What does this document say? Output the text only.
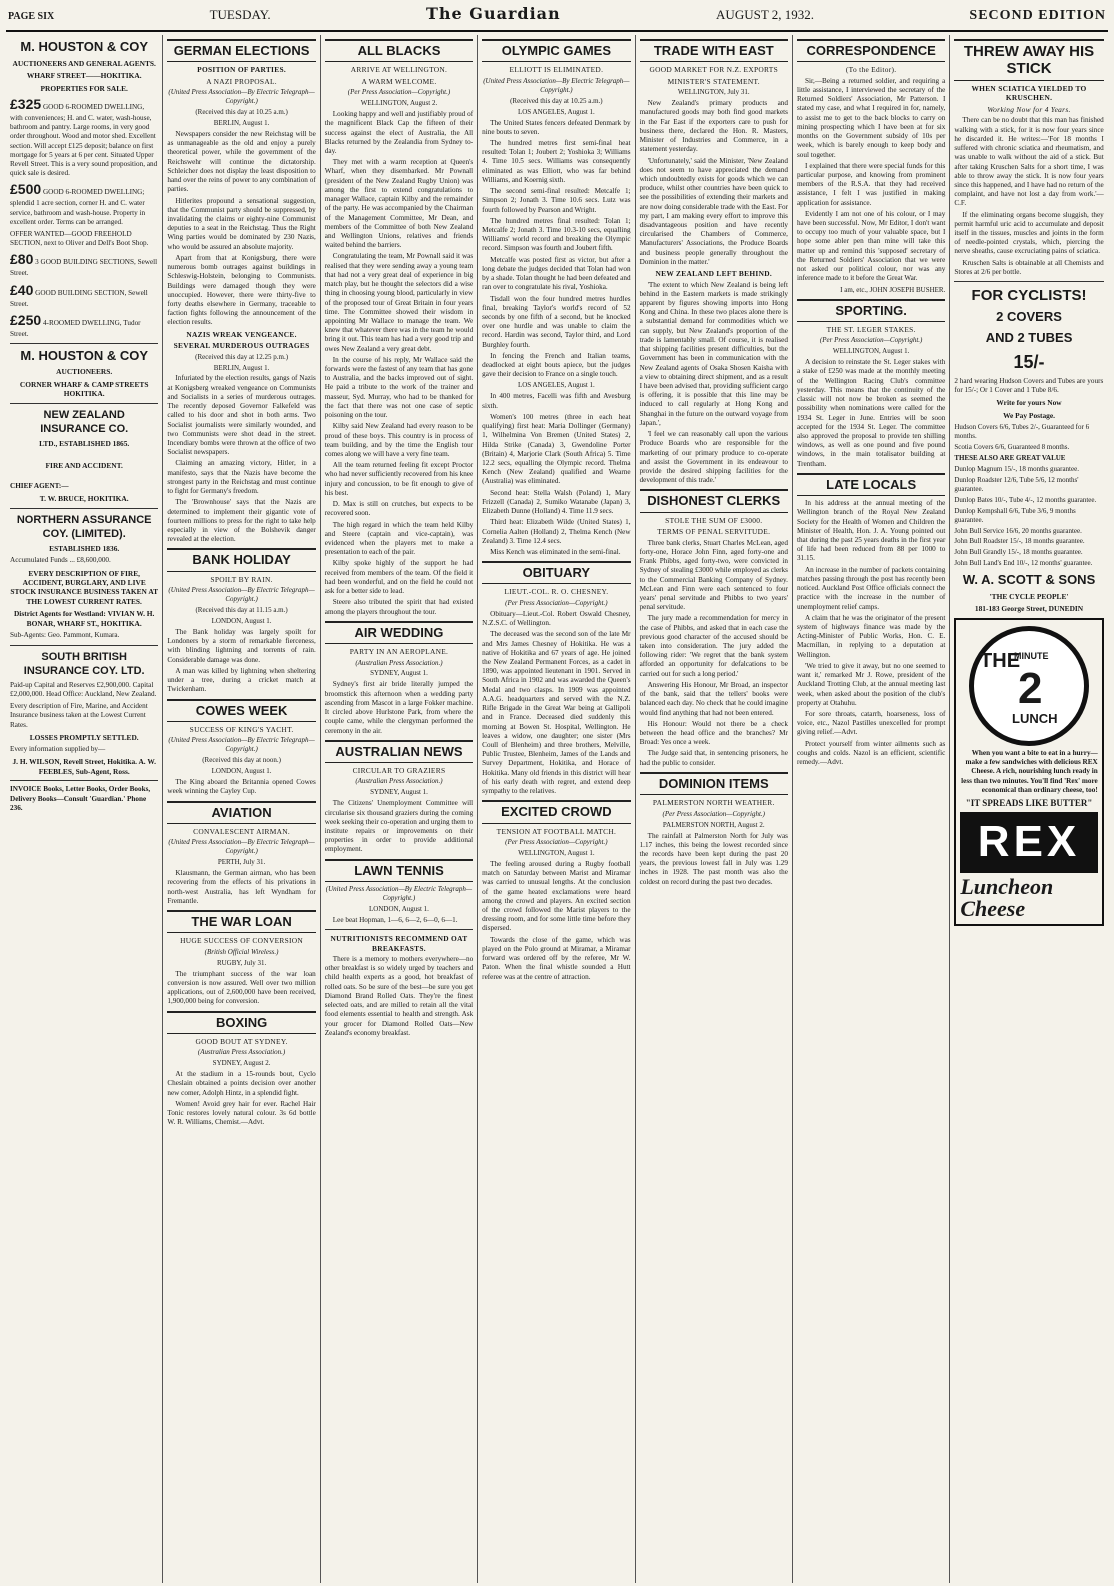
PAGE SIX	TUESDAY.	The Guardian	AUGUST 2, 1932.	SECOND EDITION
M. HOUSTON & COY
AUCTIONEERS AND GENERAL AGENTS.
WHARF STREET——HOKITIKA.
PROPERTIES FOR SALE.
£325 GOOD 6-ROOMED DWELLING, with conveniences; H. and C. water, wash-house, bathroom and pantry. Large rooms, in very good order throughout. Wood and motor shed. Excellent section. Will accept £125 deposit; balance on first mortgage for 5 years at 6 per cent. Situated Upper Revell Street. This is a very sound proposition, and quick sale is desired.
£500 GOOD 6-ROOMED DWELLING; splendid 1 acre section, corner H. and C. water service, bathroom and wash-house. Property in excellent order. Terms can be arranged.
OFFER WANTED—GOOD FREEHOLD SECTION, next to Oliver and Dell's Boot Shop.
£80 3 GOOD BUILDING SECTIONS, Sewell Street.
£40 GOOD BUILDING SECTION, Sewell Street.
£250 4-ROOMED DWELLING, Tudor Street.
M. HOUSTON & COY
AUCTIONEERS.
CORNER WHARF & CAMP STREETS HOKITIKA.
NEW ZEALAND INSURANCE CO.
LTD., ESTABLISHED 1865.
FIRE AND ACCIDENT.
CHIEF AGENT:—
T. W. BRUCE, HOKITIKA.
NORTHERN ASSURANCE COY. (LIMITED).
ESTABLISHED 1836.
Accumulated Funds ... £8,600,000.
EVERY DESCRIPTION OF FIRE, ACCIDENT, BURGLARY, AND LIVE STOCK INSURANCE BUSINESS TAKEN AT THE LOWEST CURRENT RATES.
District Agents for Westland: VIVIAN W. H. BONAR, WHARF ST., HOKITIKA.
Sub-Agents: Geo. Pammont, Kumara.
SOUTH BRITISH INSURANCE COY. LTD.
Paid-up Capital and Reserves £2,900,000. Capital £2,000,000. Head Office: Auckland, New Zealand.
Every description of Fire, Marine, and Accident Insurance business taken at the Lowest Current Rates.
LOSSES PROMPTLY SETTLED.
Every information supplied by—
J. H. WILSON, Revell Street, Hokitika. A. W. FEEBLES, Sub-Agent, Ross.
INVOICE Books, Letter Books, Order Books, Delivery Books—Consult 'Guardian.' Phone 236.
GERMAN ELECTIONS
POSITION OF PARTIES.
A NAZI PROPOSAL.
(United Press Association—By Electric Telegraph—Copyright.)
(Received this day at 10.25 a.m.)
BERLIN, August 1.

Newspapers consider the new Reichstag will be as unmanageable as the old and enjoy a purely theoretical power, while the government of the Reichswehr will continue the dictatorship. Schleicher does not display the least disposition to hand over the reins of power to any combination of parties.

Hitlerites propound a sensational suggestion, that the Communist party should be suppressed, by invalidating the claims or eighty-nine Communist deputies to a seat in the Reichstag. Thus the Right Wing parties would be dominated by 230 Nazis, who would be assured an absolute majority.

Apart from that at Konigsburg, there were numerous bomb outrages against buildings in Schleswig-Holstein, belonging to Communists. Buildings were damaged though they were unoccupied. However, there were thirty-five to forty deaths elsewhere in Germany, traceable to faction fights following the announcement of the election results.

NAZIS WREAK VENGEANCE.
SEVERAL MURDEROUS OUTRAGES
(Received this day at 12.25 p.m.)
BERLIN, August 1.

Infuriated by the election results, gangs of Nazis at Konigsberg wreaked vengeance on Communists and Socialists in a series of murderous outrages. The recently deposed Governor Falkefeld was called to his door and shot in both arms. Two Socialist journalists were similarly wounded, and two Communists were shot dead in the street. Incendiary bombs were thrown at the office of two Socialist newspapers.

Claiming an amazing victory, Hitler, in a manifesto, says that the Nazis have become the strongest party in the Reichstag and must continue to fight for Germany's freedom.

The 'Brownhouse' says that the Nazis are determined to implement their gigantic vote of fourteen millions to press for the right to take help especially in view of the Bolshevik danger revealed at the election.

BANK HOLIDAY
SPOILT BY RAIN.
(United Press Association—By Electric Telegraph—Copyright.)
(Received this day at 11.15 a.m.)
LONDON, August 1.

The Bank holiday was largely spoilt for Londoners by a storm of remarkable fierceness, with blinding lightning and torrents of rain. Considerable damage was done.

A man was killed by lightning when sheltering under a tree, during a cricket match at Twickenham.

COWES WEEK
SUCCESS OF KING'S YACHT.
(United Press Association—By Electric Telegraph—Copyright.)
(Received this day at noon.)
LONDON, August 1.

The King aboard the Britannia opened Cowes week winning the Cayley Cup.

AVIATION
CONVALESCENT AIRMAN.
(United Press Association—By Electric Telegraph—Copyright.)
PERTH, July 31.

Klausmann, the German airman, who has been recovering from the effects of his privations in north-west Australia, has left Wyndham for Fremantle.

THE WAR LOAN
HUGE SUCCESS OF CONVERSION
(British Official Wireless.)
RUGBY, July 31.

The triumphant success of the war loan conversion is now assured. Well over two million applications, out of 2,600,000 have been received, 1,900,000 being for conversion.

BOXING
GOOD BOUT AT SYDNEY.
(Australian Press Association.)
SYDNEY, August 2.

At the stadium in a 15-rounds bout, Cyclo Cheslain obtained a points decision over another new comer, Adolph Hintz, in a splendid fight.

Women! Avoid grey hair for ever. Rachel Hair Tonic restores lovely natural colour. 3s 6d bottle W. R. Williams, Chemist.—Advt.

ALL BLACKS
ARRIVE AT WELLINGTON.
A WARM WELCOME.
(Per Press Association—Copyright.)
WELLINGTON, August 2.

Looking happy and well and justifiably proud of the magnificent Black Cap the fifteen of their success against the elect of Australia, the All Blacks returned by the Zealandia from Sydney to-day.

They met with a warm reception at Queen's Wharf, when they disembarked. Mr Pownall (president of the New Zealand Rugby Union) was among the first to extend congratulations to manager Wallace, captain Kilby and the remainder of the party. He was accompanied by the Chairman of the Management Committee, Mr Dean, and members of the Committee of both New Zealand and Wellington Unions, relatives and friends waited behind the barriers.

Congratulating the team, Mr Pownall said it was realised that they were sending away a young team that had not a very great deal of experience in big match play, but he thought the selectors did a wise thing in choosing young blood, particularly in view of the proposed tour of Great Britain in four years time. The Committee showed their wisdom in appointing Mr Wallace to manage the team. We knew that whatever there was in the team he would bring it out. This team has had a very good trip and owes New Zealand a very great debt.

In the course of his reply, Mr Wallace said the forwards were the fastest of any team that has gone to Australia, and the backs improved out of sight. He paid a tribute to the work of the trainer and masseur, Syd. Murray, who had to be thanked for the fact that there was not one case of septic poisoning on the tour.

Kilby said New Zealand had every reason to be proud of these boys. This country is in process of team building, and by the time the English tour comes along we will have a very fine team.

All the team returned feeling fit except Proctor who had never sufficiently recovered from his knee injury and concussion, to be fit enough to give of his best.

D. Max is still on crutches, but expects to be recovered soon.

The high regard in which the team held Kilby and Steere (captain and vice-captain), was evidenced when the players met to make a presentation to each of the pair.

Kilby spoke highly of the support he had received from members of the team. Of the field it had been wonderful, and on the field he could not ask for a better side to lead.

Steere also tributed the spirit that had existed among the players throughout the tour.

AIR WEDDING
PARTY IN AN AEROPLANE.
(Australian Press Association.)
SYDNEY, August 1.

Sydney's first air bride literally jumped the broomstick this afternoon when a wedding party ascending from Mascot in a large Fokker machine. It circled above Hurlstone Park, from where the couple came, while the clergyman performed the ceremony in the air.

AUSTRALIAN NEWS
CIRCULAR TO GRAZIERS
(Australian Press Association.)
SYDNEY, August 1.

The Citizens' Unemployment Committee will circularise six thousand graziers during the coming week seeking their co-operation and urging them to institute repairs or improvements on their properties in order to provide additional employment.

LAWN TENNIS
(United Press Association—By Electric Telegraph—Copyright.)
LONDON, August 1.

Lee beat Hopman, 1—6, 6—2, 6—0, 6—1.

NUTRITIONISTS RECOMMEND OAT BREAKFASTS.

There is a memory to mothers everywhere—no other breakfast is so widely urged by teachers and child health experts as a good, hot breakfast of rolled oats. So be sure of the best—be sure you get Diamond Brand Rolled Oats. They're the finest selected oats, and are milled to retain all the vital food elements essential to health and strength. Ask your grocer for Diamond Rolled Oats—New Zealand's economy breakfast.

OLYMPIC GAMES
ELLIOTT IS ELIMINATED.
(United Press Association—By Electric Telegraph—Copyright.)
(Received this day at 10.25 a.m.)
LOS ANGELES, August 1.

The United States fencers defeated Denmark by nine bouts to seven.

The hundred metres first semi-final heat resulted: Tolan 1; Joubert 2; Yoshioka 3; Williams 4. Time 10.5 secs. Williams was consequently eliminated as was Elliott, who was far behind Williams, and Koernig sixth.

The second semi-final resulted: Metcalfe 1; Simpson 2; Jonath 3. Time 10.6 secs. Lutz was fourth followed by Pearson and Wright.

The hundred metres final resulted: Tolan 1; Metcalfe 2; Jonath 3. Time 10.3-10 secs, equalling Williams' world record and breaking the Olympic record. Simpson was fourth and Joubert fifth.

Metcalfe was posted first as victor, but after a long debate the judges decided that Tolan had won by a shade. Tolan thought he had been defeated and ran over to congratulate his rival, Yoshioka.

Tisdall won the four hundred metres hurdles final, breaking Taylor's world's record of 52 seconds by one fifth of a second, but he knocked over one hurdle and was unable to claim the record. Hardin was second, Taylor third, and Lord Burghley fourth.

In fencing the French and Italian teams, deadlocked at eight bouts apiece, but the judges gave their decision to France on a single touch.

LOS ANGELES, August 1.

In 400 metres, Facelli was fifth and Avesburg sixth.

Women's 100 metres (three in each heat qualifying) first heat: Maria Dollinger (Germany) 1, Wilhelmina Von Bremen (United States) 2, Hilda Strike (Canada) 3, Gwendoline Porter (Britain) 4, Marjorie Clark (South Africa) 5. Time 12.2 secs, equalling the Olympic record. Thelma Kench (New Zealand) qualified and Wearne (Australia) was eliminated.

Second heat: Stella Walsh (Poland) 1, Mary Frizzell (Canada) 2, Sumiko Watanabe (Japan) 3, Elizabeth Dunne (Holland) 4. Time 11.9 secs.

Third heat: Elizabeth Wilde (United States) 1, Cornelia Aalten (Holland) 2, Thelma Kench (New Zealand) 3. Time 12.4 secs.

Miss Kench was eliminated in the semi-final.

OBITUARY
LIEUT.-COL. R. O. CHESNEY.
(Per Press Association—Copyright.)

Obituary—Lieut.-Col. Robert Oswald Chesney, N.Z.S.C. of Wellington.

The deceased was the second son of the late Mr and Mrs James Chesney of Hokitika. He was a native of Hokitika and 67 years of age. He joined the New Zealand Permanent Forces, as a cadet in 1890, was appointed lieutenant in 1901. Served in South Africa in 1902 and was awarded the Queen's Medal and two clasps. In 1909 was appointed A.A.G. headquarters and served with the N.Z. Rifle Brigade in the Great War being at Gallipoli and in France. Deceased died suddenly this morning at Bowen St. Hospital, Wellington. He leaves a widow, one daughter; one sister (Mrs Coull of Blenheim) and three brothers, Melville, Public Trustee, Blenheim, James of the Lands and Survey Department, Hokitika, and Horace of Hokitika. Many old friends in this district will hear of his early death with regret, and extend deep sympathy to the relatives.

EXCITED CROWD
TENSION AT FOOTBALL MATCH.
(Per Press Association—Copyright.)
WELLINGTON, August 1.

The feeling aroused during a Rugby football match on Saturday between Marist and Miramar was carried to unusual lengths. At the conclusion of the game heated exclamations were heard among the crowd and players. An excited section of the crowd followed the Marist players to the dressing room, and for some little time before they dispersed.

Towards the close of the game, which was played on the Polo ground at Miramar, a Miramar forward was ordered off by the referee, Mr W. Paton. When the final whistle sounded a Hutt referee was at the centre of attraction.

TRADE WITH EAST
GOOD MARKET FOR N.Z. EXPORTS
MINISTER'S STATEMENT.
WELLINGTON, July 31.

New Zealand's primary products and manufactured goods may both find good markets in the Far East if the exporters care to push for business there, declared the Hon. R. Masters, Minister of Industries and Commerce, in a statement yesterday.

'Unfortunately,' said the Minister, 'New Zealand does not seem to have appreciated the demand which undoubtedly exists for goods which we can produce, whilst other countries have been quick to see the possibilities of extending their markets and are now doing considerable trade with the East. For my part, I am making every effort to improve this disadvantageous position and have recently circularised the Chambers of Commerce, Manufacturers' Associations, the Produce Boards and business people generally throughout the Dominion in the matter.'

NEW ZEALAND LEFT BEHIND.

'The extent to which New Zealand is being left behind in the Eastern markets is made strikingly apparent by figures showing imports into Hong Kong and China. In these two places alone there is a substantial demand for commodities which we can supply, but New Zealand's proportion of the trade is lamentably small. Of course, it is realised that shipping facilities present difficulties, but the Government has been in communication with the New Zealand agents of Osaka Shosen Kaisha with a view to obtaining direct shipment, and as a result I have been advised that, providing sufficient cargo is offering, it is possible that this line may be induced to call regularly at Hong Kong and Shanghai in the future on the outward voyage from Japan.',

'I feel we can reasonably call upon the various Produce Boards who are responsible for the marketing of our primary produce to co-operate and assist the Government in its endeavour to provide the desired shipping facilities for the development of this trade.'

DISHONEST CLERKS
STOLE THE SUM OF £3000.
TERMS OF PENAL SERVITUDE.

Three bank clerks, Stuart Charles McLean, aged forty-one, Horace John Finn, aged forty-one and Frank Phibbs, aged forty-two, were convicted in Sydney of stealing £3000 while employed as clerks to the Commercial Banking Company of Sydney. McLean and Finn were each sentenced to four years' penal servitude and Phibbs to two years' penal servitude.

The jury made a recommendation for mercy in the case of Phibbs, and asked that in each case the previous good character of the accused should be taken into consideration. The jury added the following rider: 'We regret that the bank system afforded an opportunity for defalcations to be carried out for such a long period.'

Answering His Honour, Mr Broad, an inspector of the bank, said that the tellers' books were balanced each day. No check that he could imagine would find anything that had not been entered.

His Honour: Would not there be a check between the head office and the branches? Mr Broad: Yes once a week.

The Judge said that, in sentencing prisoners, he had the public to consider.

DOMINION ITEMS
PALMERSTON NORTH WEATHER.
(Per Press Association—Copyright.)
PALMERSTON NORTH, August 2.

The rainfall at Palmerston North for July was 1.17 inches, this being the lowest recorded since the records have been kept during the past 20 years, the previous lowest fall in July was 1.29 inches in 1928. The past month was also the coldest on record during the past two decades.

CORRESPONDENCE
(To the Editor).

Sir,—Being a returned soldier, and requiring a little assistance, I interviewed the secretary of the Returned Soldiers' Association, Mr Patterson. I stated my case, and what I required in for, namely, to assist me to get to the back blocks to carry on mining prospecting which I have been at for six months on the Government subsidy of 10s per week, which is barely enough to keep body and soul together.

I explained that there were special funds for this particular purpose, and knowing from prominent members of the R.S.A. that they had received assistance, I felt I was justified in making application for assistance.

Evidently I am not one of his colour, or I may have been successful. Now, Mr Editor, I don't want to occupy too much of your valuable space, but I hope some abler pen than mine will take this matter up and remind this 'supposed' secretary of the Returned Soldiers' Association that we were not asked our political colour, nor was any inference made to it before the Great War.

I am, etc., JOHN JOSEPH BUSHER.
SPORTING.
THE ST. LEGER STAKES.
(Per Press Association—Copyright.)
WELLINGTON, August 1.

A decision to reinstate the St. Leger stakes with a stake of £250 was made at the monthly meeting of the Wellington Racing Club's committee yesterday. This means that the continuity of the classic will not now be broken as seemed the possibility when nominations were called for the 1934 St. Leger in June. Entries will be soon accepted for the 1934 St. Leger. The committee also approved the proposal to provide ten shilling windows, as well as one pound and five pound windows, in the main totalisator building at Trentham.

LATE LOCALS

In his address at the annual meeting of the Wellington branch of the Royal New Zealand Society for the Health of Women and Children the Minister of Health, Hon. J. A. Young pointed out that during the past 25 years deaths in the first year of life had been reduced from 88 per 1000 to 31.15.

An increase in the number of packets containing matches passing through the post has recently been noticed. Auckland Post Office officials connect the practice with the increase in the number of unemployment relief camps.

A claim that he was the originator of the present system of highways finance was made by the Acting-Minister of Public Works, Hon. C. E. Macmillan, in replying to a deputation at Wellington.

'We tried to give it away, but no one seemed to want it,' remarked Mr J. Rowe, president of the Auckland Trotting Club, at the annual meeting last week, when asked about the position of the club's property at Otahuhu.

For sore throats, catarrh, hoarseness, loss of voice, etc., Nazol Pastilles unexcelled for prompt giving relief.—Advt.

Protect yourself from winter ailments such as coughs and colds. Nazol is an efficient, scientific remedy.—Advt.

THREW AWAY HIS STICK
WHEN SCIATICA YIELDED TO KRUSCHEN.
Working Now for 4 Years.

There can be no doubt that this man has finished walking with a stick, for it is now four years since he discarded it. He writes:—'For 18 months I suffered with chronic sciatica and rheumatism, and was unable to walk without the aid of a stick. But after taking Kruschen Salts for a short time, I was able to throw away the stick. It is now four years since this happened, and I have had no return of the complaint, and have not lost a day from work.'—C.F.

If the eliminating organs become sluggish, they permit harmful uric acid to accumulate and deposit itself in the tissues, muscles and joints in the form of needle-pointed crystals, which, piercing the nerve sheaths, cause excruciating pains of sciatica.

Kruschen Salts is obtainable at all Chemists and Stores at 2/6 per bottle.

FOR CYCLISTS!
2 COVERS
AND 2 TUBES
15/-
2 hard wearing Hudson Covers and Tubes are yours for 15/-; Or 1 Cover and 1 Tube 8/6.
Write for yours Now
We Pay Postage.
Hudson Covers 6/6, Tubes 2/-, Guaranteed for 6 months.
Scotia Covers 6/6, Guaranteed 8 months.
THESE ALSO ARE GREAT VALUE
Dunlop Magnum 15/-, 18 months guarantee.
Dunlop Roadster 12/6, Tube 5/6, 12 months' guarantee.
Dunlop Bates 10/-, Tube 4/-, 12 months guarantee.
Dunlop Kempshall 6/6, Tube 3/6, 9 months guarantee.
John Bull Service 16/6, 20 months guarantee.
John Bull Roadster 15/-, 18 months guarantee.
John Bull Grandly 15/-, 18 months guarantee.
John Bull Land's End 10/-, 12 months' guarantee.
W. A. SCOTT & SONS
'THE CYCLE PEOPLE'
181-183 George Street, DUNEDIN
THE
MINUTE
2
LUNCH
When you want a bite to eat in a hurry—make a few sandwiches with delicious REX Cheese. A rich, nourishing lunch ready in less than two minutes. You'll find 'Rex' more economical than ordinary cheese, too!
"IT SPREADS LIKE BUTTER"
REX
Luncheon
Cheese
